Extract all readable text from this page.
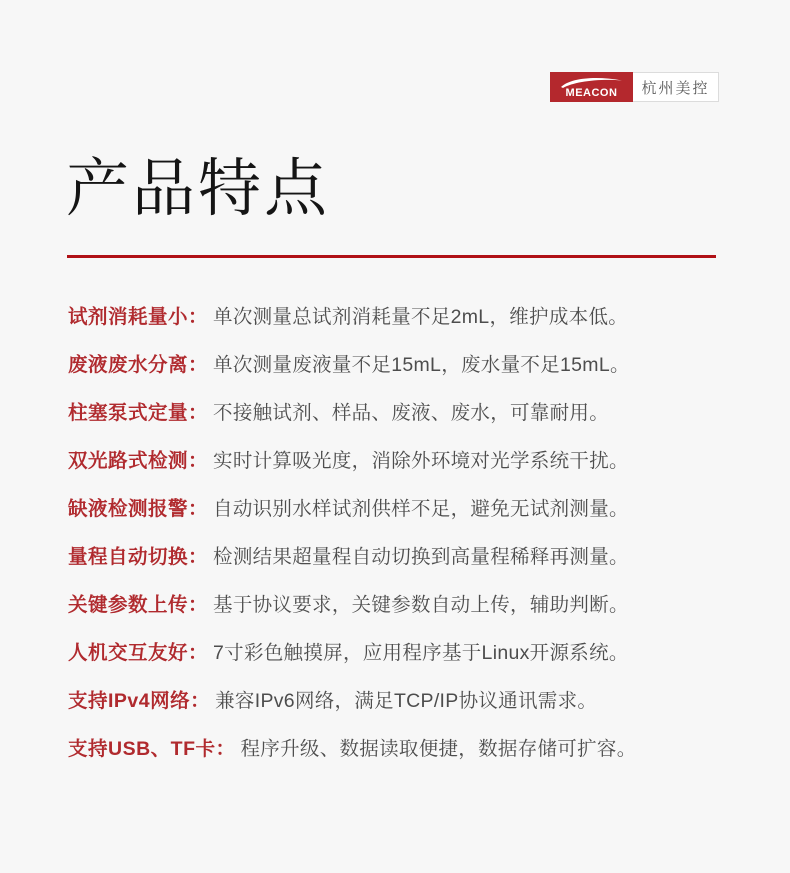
MEACON	杭州美控
产品特点
试剂消耗量小： 单次测量总试剂消耗量不足2mL，维护成本低。
废液废水分离： 单次测量废液量不足15mL，废水量不足15mL。
柱塞泵式定量： 不接触试剂、样品、废液、废水，可靠耐用。
双光路式检测： 实时计算吸光度，消除外环境对光学系统干扰。
缺液检测报警： 自动识别水样试剂供样不足，避免无试剂测量。
量程自动切换： 检测结果超量程自动切换到高量程稀释再测量。
关键参数上传： 基于协议要求，关键参数自动上传，辅助判断。
人机交互友好： 7寸彩色触摸屏，应用程序基于Linux开源系统。
支持IPv4网络： 兼容IPv6网络，满足TCP/IP协议通讯需求。
支持USB、TF卡： 程序升级、数据读取便捷，数据存储可扩容。
